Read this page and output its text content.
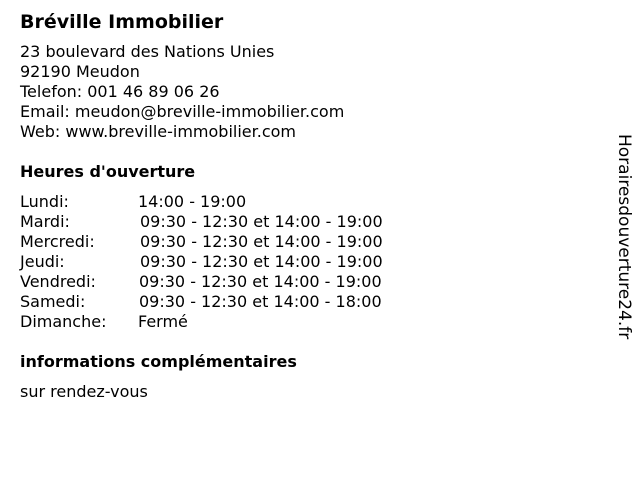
Bréville Immobilier
23 boulevard des Nations Unies
92190 Meudon
Telefon: 001 46 89 06 26
Email: meudon@breville-immobilier.com
Web: www.breville-immobilier.com
Heures d'ouverture
Lundi:	14:00 - 19:00
Mardi:	09:30 - 12:30 et 14:00 - 19:00
Mercredi:	09:30 - 12:30 et 14:00 - 19:00
Jeudi:	09:30 - 12:30 et 14:00 - 19:00
Vendredi:	09:30 - 12:30 et 14:00 - 19:00
Samedi:	09:30 - 12:30 et 14:00 - 18:00
Dimanche: Fermé
informations complémentaires
sur rendez-vous
Horairesdouverture24.fr
